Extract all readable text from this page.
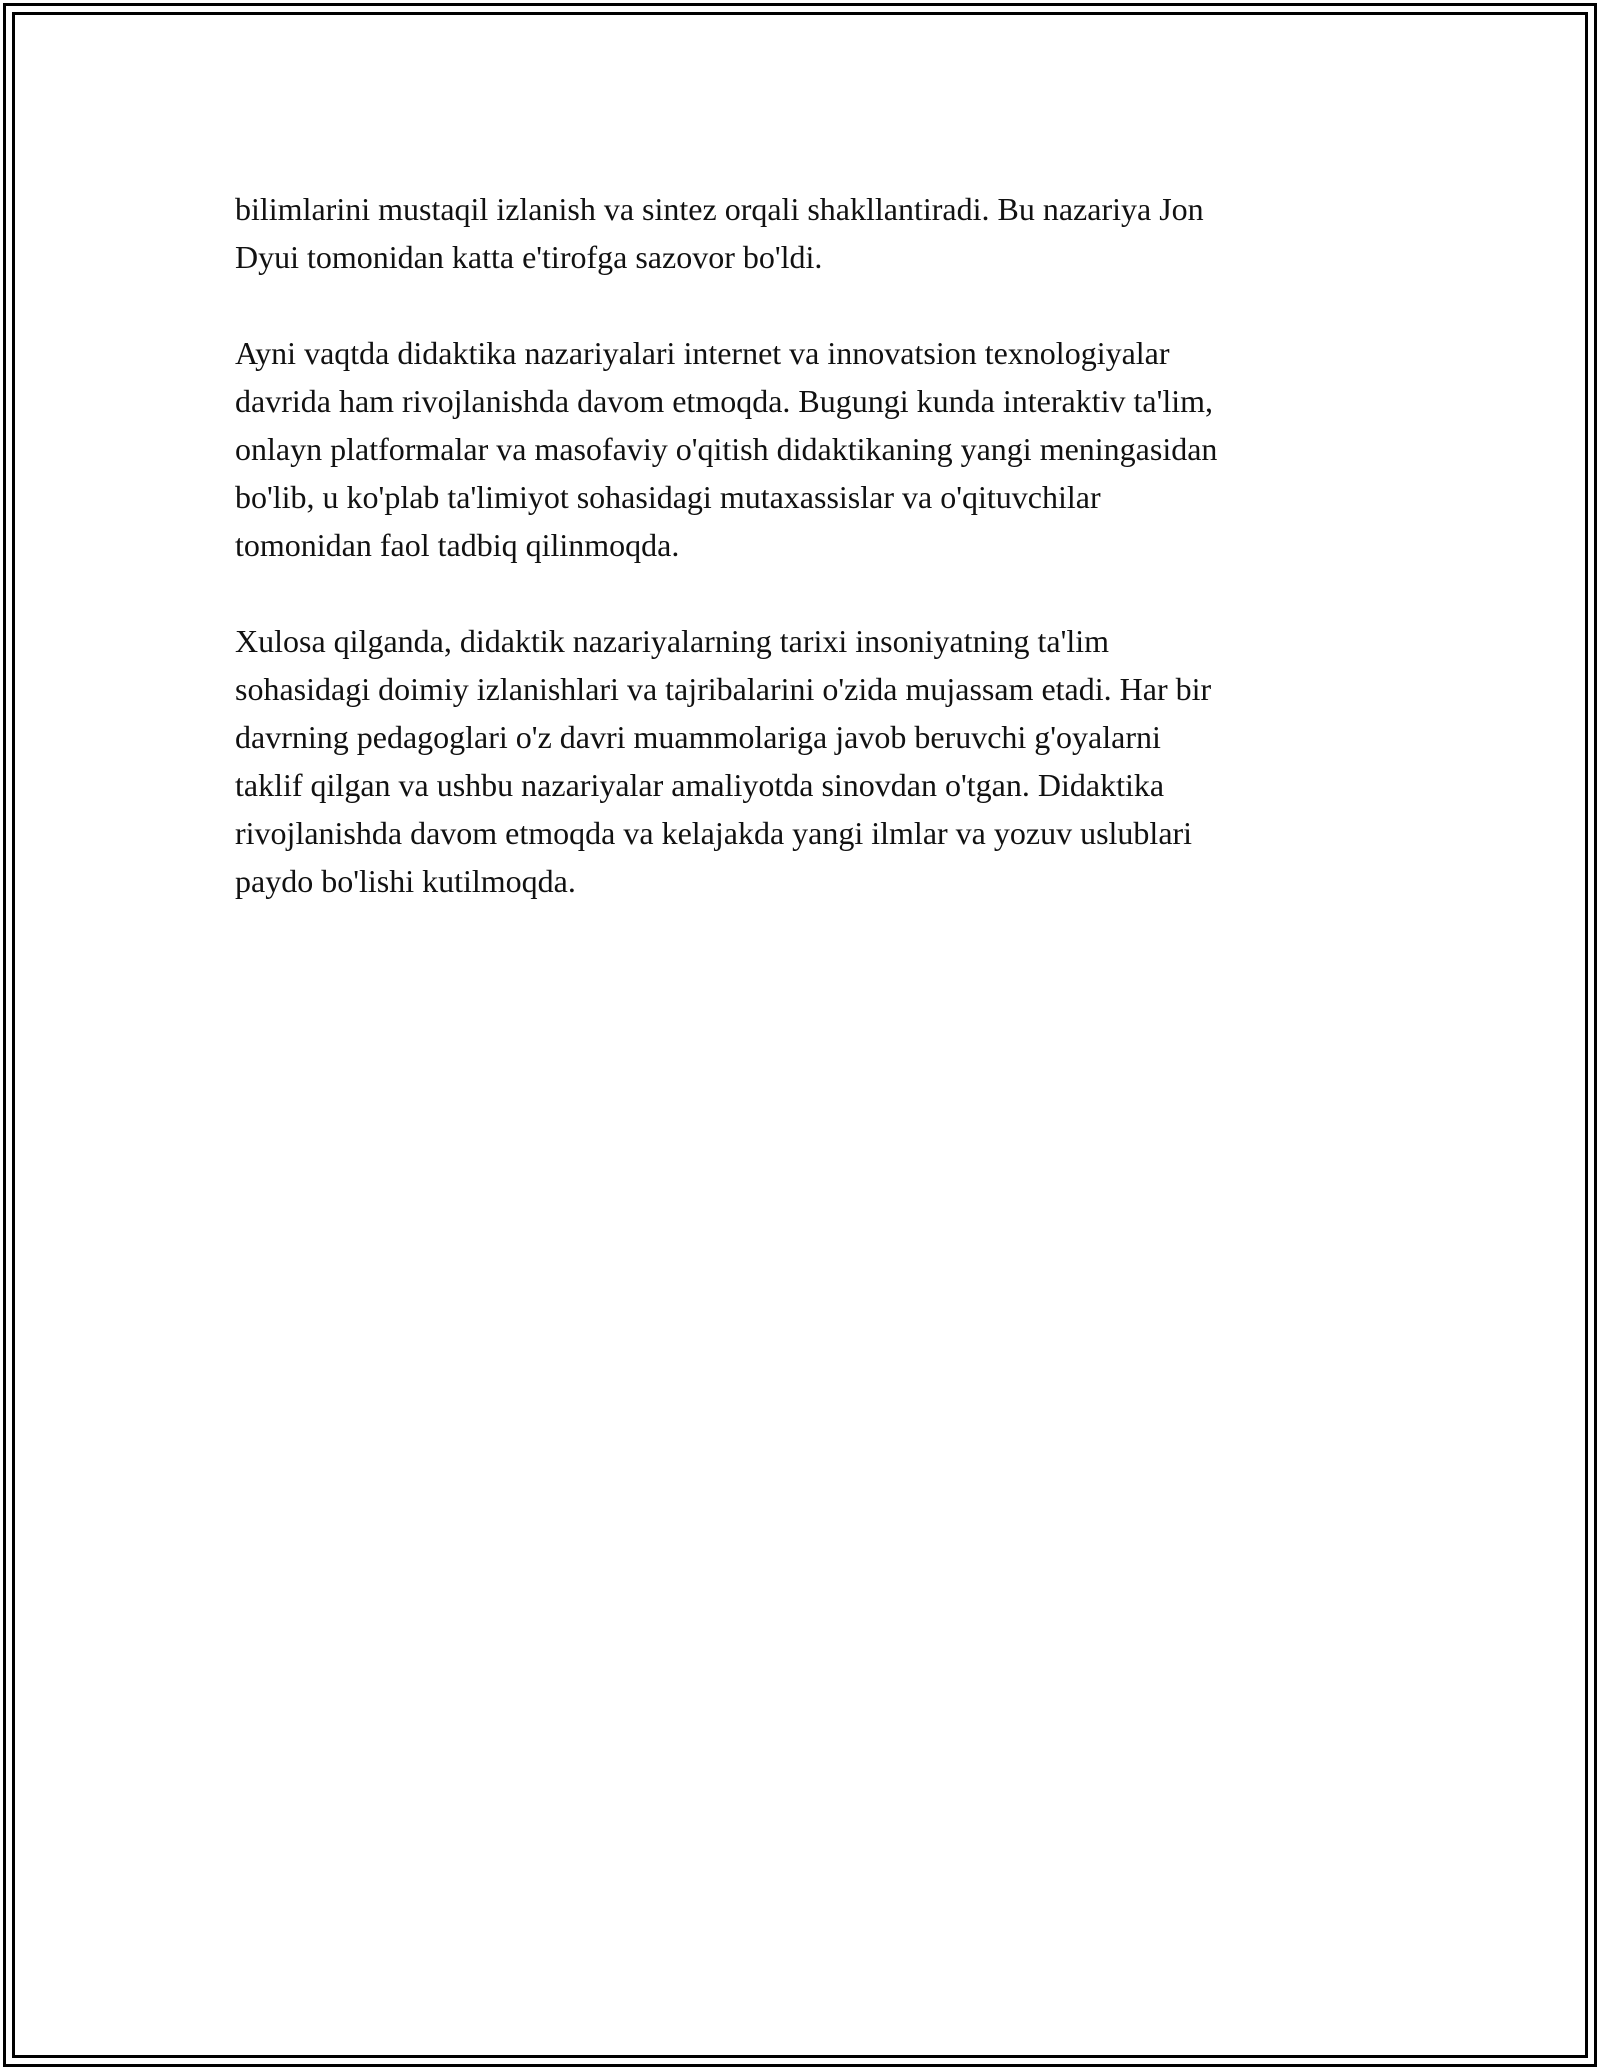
bilimlarini mustaqil izlanish va sintez orqali shakllantiradi. Bu nazariya Jon
Dyui tomonidan katta e'tirofga sazovor bo'ldi.

Ayni vaqtda didaktika nazariyalari internet va innovatsion texnologiyalar
davrida ham rivojlanishda davom etmoqda. Bugungi kunda interaktiv ta'lim,
onlayn platformalar va masofaviy o'qitish didaktikaning yangi meningasidan
bo'lib, u ko'plab ta'limiyot sohasidagi mutaxassislar va o'qituvchilar
tomonidan faol tadbiq qilinmoqda.

Xulosa qilganda, didaktik nazariyalarning tarixi insoniyatning ta'lim
sohasidagi doimiy izlanishlari va tajribalarini o'zida mujassam etadi. Har bir
davrning pedagoglari o'z davri muammolariga javob beruvchi g'oyalarni
taklif qilgan va ushbu nazariyalar amaliyotda sinovdan o'tgan. Didaktika
rivojlanishda davom etmoqda va kelajakda yangi ilmlar va yozuv uslublari
paydo bo'lishi kutilmoqda.
